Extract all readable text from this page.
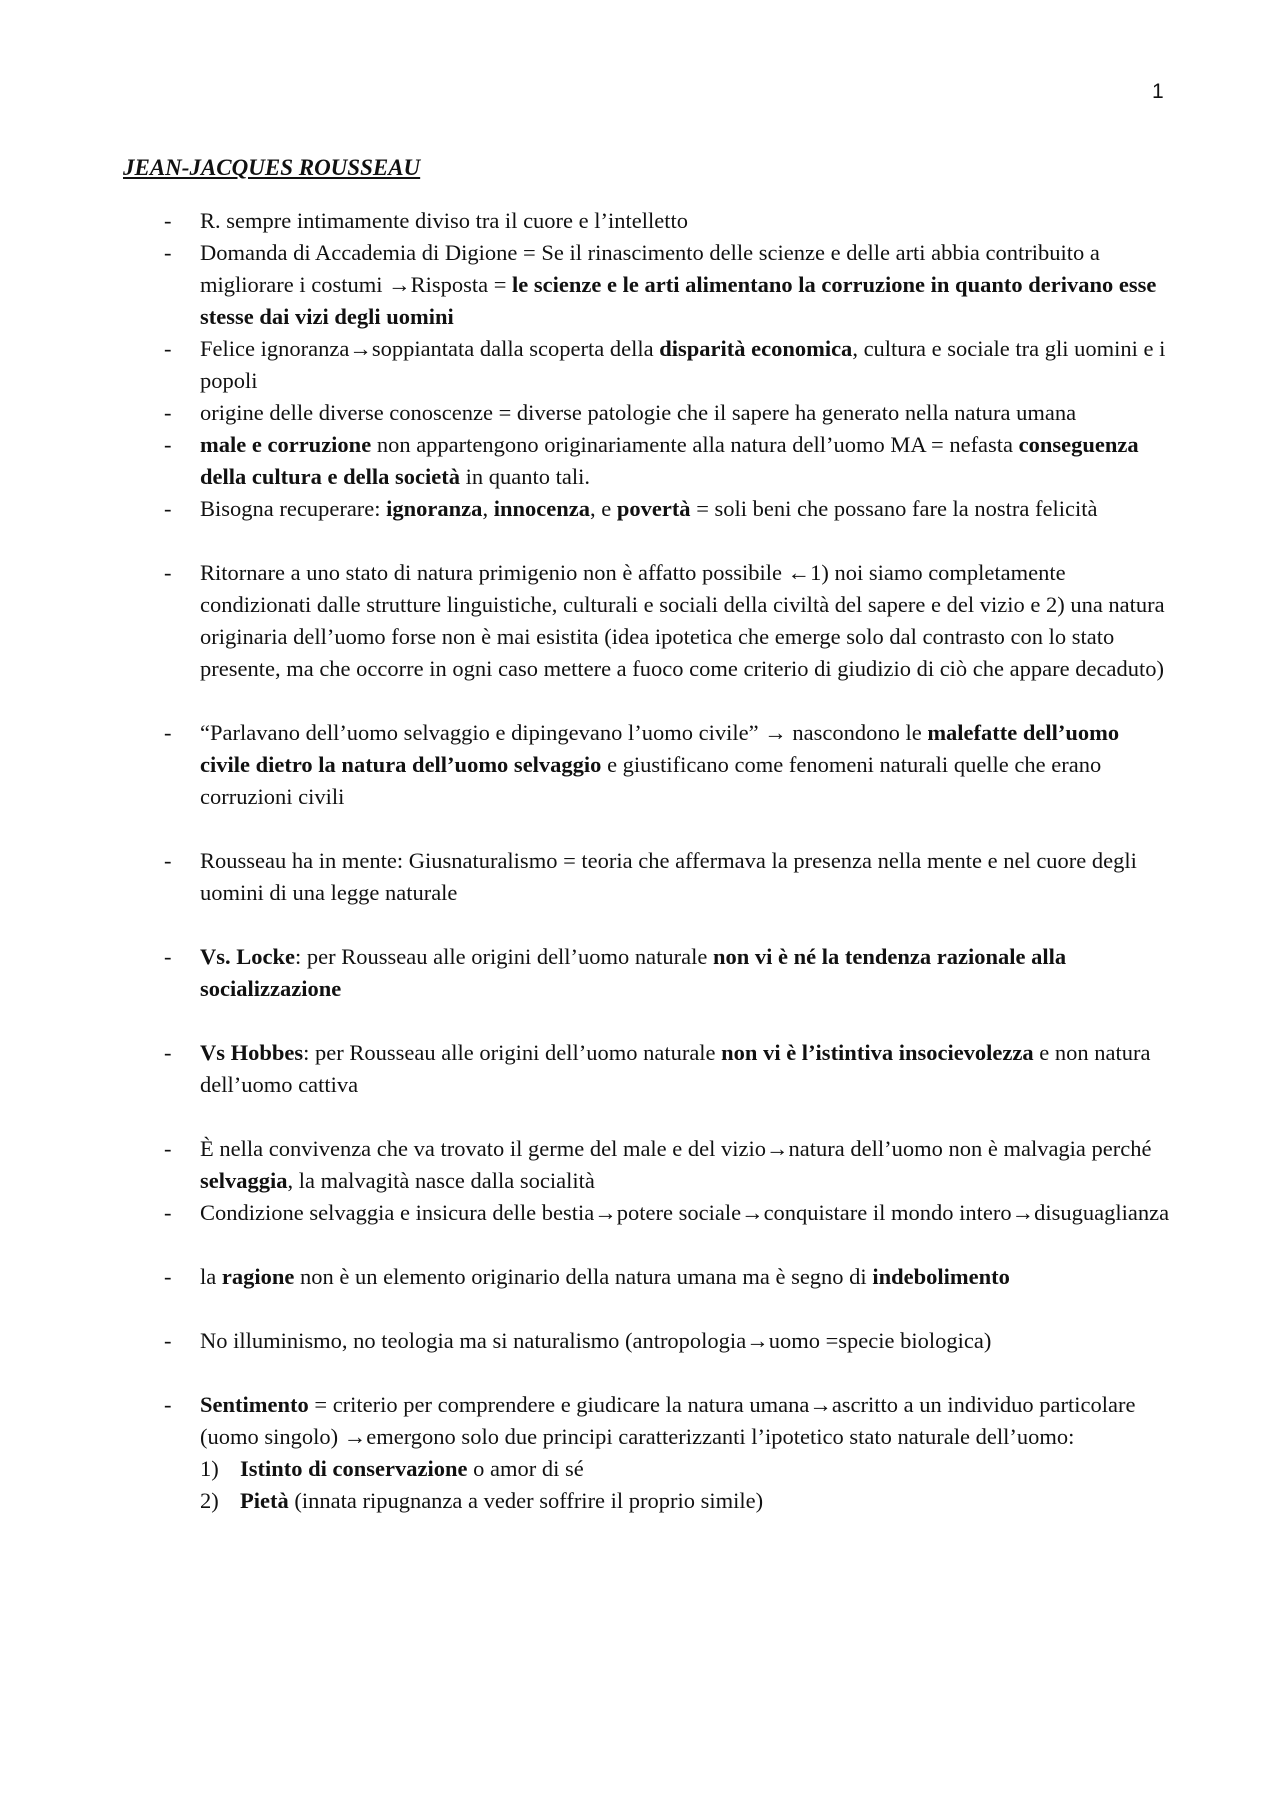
1
JEAN-JACQUES ROUSSEAU
- R. sempre intimamente diviso tra il cuore e l’intelletto
- Domanda di Accademia di Digione = Se il rinascimento delle scienze e delle arti abbia contribuito a migliorare i costumi →Risposta = le scienze e le arti alimentano la corruzione in quanto derivano esse stesse dai vizi degli uomini
- Felice ignoranza→soppiantata dalla scoperta della disparità economica, cultura e sociale tra gli uomini e i popoli
- origine delle diverse conoscenze = diverse patologie che il sapere ha generato nella natura umana
- male e corruzione non appartengono originariamente alla natura dell’uomo MA = nefasta conseguenza della cultura e della società in quanto tali.
- Bisogna recuperare: ignoranza, innocenza, e povertà = soli beni che possano fare la nostra felicità
- Ritornare a uno stato di natura primigenio non è affatto possibile ←1) noi siamo completamente condizionati dalle strutture linguistiche, culturali e sociali della civiltà del sapere e del vizio e 2) una natura originaria dell’uomo forse non è mai esistita (idea ipotetica che emerge solo dal contrasto con lo stato presente, ma che occorre in ogni caso mettere a fuoco come criterio di giudizio di ciò che appare decaduto)
- “Parlavano dell’uomo selvaggio e dipingevano l’uomo civile” → nascondono le malefatte dell’uomo civile dietro la natura dell’uomo selvaggio e giustificano come fenomeni naturali quelle che erano corruzioni civili
- Rousseau ha in mente: Giusnaturalismo = teoria che affermava la presenza nella mente e nel cuore degli uomini di una legge naturale
- Vs. Locke: per Rousseau alle origini dell’uomo naturale non vi è né la tendenza razionale alla socializzazione
- Vs Hobbes: per Rousseau alle origini dell’uomo naturale non vi è l’istintiva insocievolezza e non natura dell’uomo cattiva
- È nella convivenza che va trovato il germe del male e del vizio→natura dell’uomo non è malvagia perché selvaggia, la malvagità nasce dalla socialità
- Condizione selvaggia e insicura delle bestia→potere sociale→conquistare il mondo intero→disuguaglianza
- la ragione non è un elemento originario della natura umana ma è segno di indebolimento
- No illuminismo, no teologia ma si naturalismo (antropologia→uomo =specie biologica)
- Sentimento = criterio per comprendere e giudicare la natura umana→ascritto a un individuo particolare (uomo singolo) →emergono solo due principi caratterizzanti l’ipotetico stato naturale dell’uomo:
1) Istinto di conservazione o amor di sé
2) Pietà (innata ripugnanza a veder soffrire il proprio simile)
